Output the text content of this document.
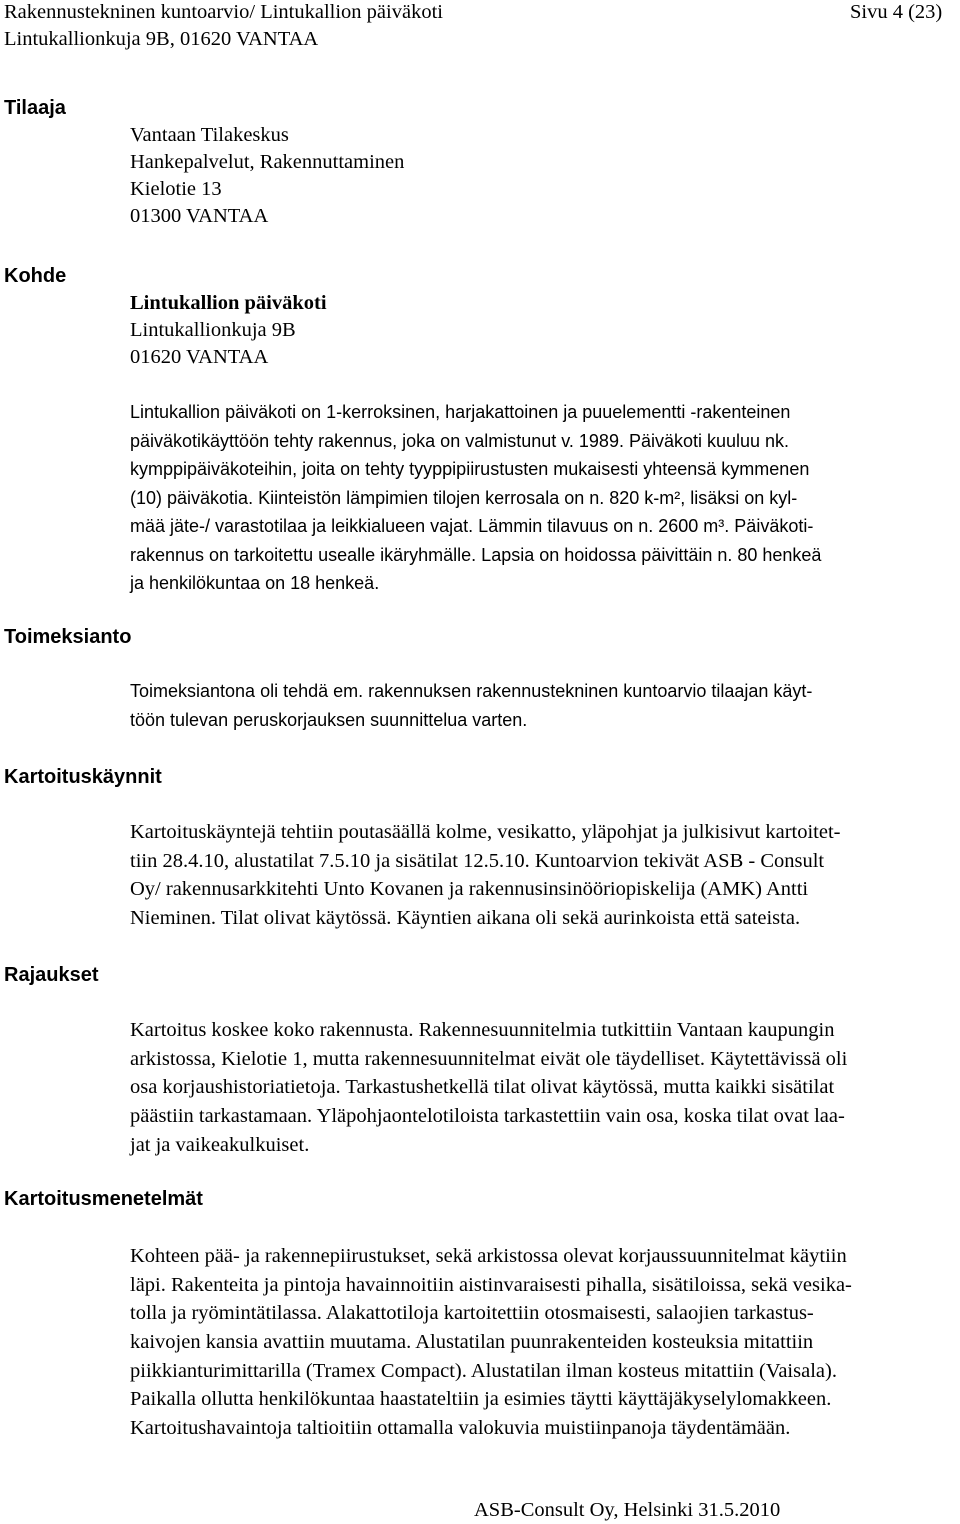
Rakennustekninen kuntoarvio/ Lintukallion päiväkoti
Lintukallionkuja 9B, 01620 VANTAA
Sivu 4 (23)
Tilaaja
Vantaan Tilakeskus
Hankepalvelut, Rakennuttaminen
Kielotie 13
01300 VANTAA
Kohde
Lintukallion päiväkoti
Lintukallionkuja 9B
01620 VANTAA
Lintukallion päiväkoti on 1-kerroksinen, harjakattoinen ja puuelementti -rakenteinen
päiväkotikäyttöön tehty rakennus, joka on valmistunut v. 1989. Päiväkoti kuuluu nk.
kymppipäiväkoteihin, joita on tehty tyyppipiirustusten mukaisesti yhteensä kymmenen
(10) päiväkotia. Kiinteistön lämpimien tilojen kerrosala on n. 820 k-m², lisäksi on kyl-
mää jäte-/ varastotilaa ja leikkialueen vajat. Lämmin tilavuus on n. 2600 m³. Päiväkoti-
rakennus on tarkoitettu usealle ikäryhmälle. Lapsia on hoidossa päivittäin n. 80 henkeä
ja henkilökuntaa on 18 henkeä.
Toimeksianto
Toimeksiantona oli tehdä em. rakennuksen rakennustekninen kuntoarvio tilaajan käyt-
töön tulevan peruskorjauksen suunnittelua varten.
Kartoituskäynnit
Kartoituskäyntejä tehtiin poutasäällä kolme, vesikatto, yläpohjat ja julkisivut kartoitet-
tiin 28.4.10, alustatilat 7.5.10 ja sisätilat 12.5.10. Kuntoarvion tekivät ASB - Consult
Oy/ rakennusarkkitehti Unto Kovanen ja rakennusinsinööriopiskelija (AMK) Antti
Nieminen. Tilat olivat käytössä. Käyntien aikana oli sekä aurinkoista että sateista.
Rajaukset
Kartoitus koskee koko rakennusta. Rakennesuunnitelmia tutkittiin Vantaan kaupungin
arkistossa, Kielotie 1, mutta rakennesuunnitelmat eivät ole täydelliset. Käytettävissä oli
osa korjaushistoriatietoja. Tarkastushetkellä tilat olivat käytössä, mutta kaikki sisätilat
päästiin tarkastamaan. Yläpohjaontelotiloista tarkastettiin vain osa, koska tilat ovat laa-
jat ja vaikeakulkuiset.
Kartoitusmenetelmät
Kohteen pää- ja rakennepiirustukset, sekä arkistossa olevat korjaussuunnitelmat käytiin
läpi. Rakenteita ja pintoja havainnoitiin aistinvaraisesti pihalla, sisätiloissa, sekä vesika-
tolla ja ryömintätilassa. Alakattotiloja kartoitettiin otosmaisesti, salaojien tarkastus-
kaivojen kansia avattiin muutama. Alustatilan puunrakenteiden kosteuksia mitattiin
piikkianturimittarilla (Tramex Compact). Alustatilan ilman kosteus mitattiin (Vaisala).
Paikalla ollutta henkilökuntaa haastateltiin ja esimies täytti käyttäjäkyselylomakkeen.
Kartoitushavaintoja taltioitiin ottamalla valokuvia muistiinpanoja täydentämään.
ASB-Consult Oy, Helsinki 31.5.2010
